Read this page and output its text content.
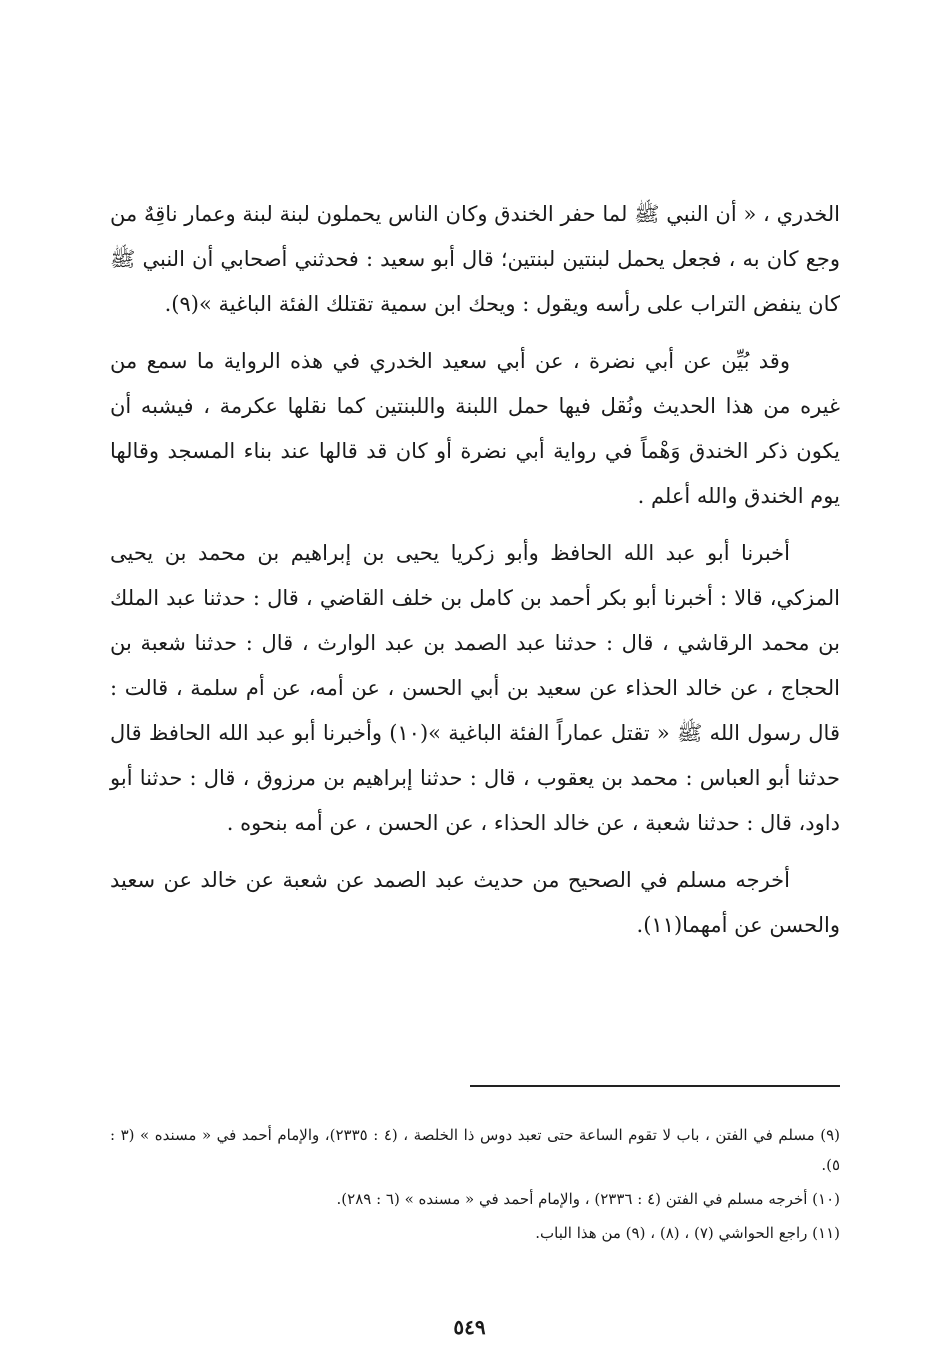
الخدري ، « أن النبي ﷺ لما حفر الخندق وكان الناس يحملون لبنة لبنة وعمار ناقِهٌ من وجع كان به ، فجعل يحمل لبنتين لبنتين؛ قال أبو سعيد : فحدثني أصحابي أن النبي ﷺ كان ينفض التراب على رأسه ويقول : ويحك ابن سمية تقتلك الفئة الباغية »(٩).

وقد بُيِّن عن أبي نضرة ، عن أبي سعيد الخدري في هذه الرواية ما سمع من غيره من هذا الحديث ونُقل فيها حمل اللبنة واللبنتين كما نقلها عكرمة ، فيشبه أن يكون ذكر الخندق وَهْماً في رواية أبي نضرة أو كان قد قالها عند بناء المسجد وقالها يوم الخندق والله أعلم .

أخبرنا أبو عبد الله الحافظ وأبو زكريا يحيى بن إبراهيم بن محمد بن يحيى المزكي، قالا : أخبرنا أبو بكر أحمد بن كامل بن خلف القاضي ، قال : حدثنا عبد الملك بن محمد الرقاشي ، قال : حدثنا عبد الصمد بن عبد الوارث ، قال : حدثنا شعبة بن الحجاج ، عن خالد الحذاء عن سعيد بن أبي الحسن ، عن أمه، عن أم سلمة ، قالت : قال رسول الله ﷺ « تقتل عماراً الفئة الباغية »(١٠) وأخبرنا أبو عبد الله الحافظ قال حدثنا أبو العباس : محمد بن يعقوب ، قال : حدثنا إبراهيم بن مرزوق ، قال : حدثنا أبو داود، قال : حدثنا شعبة ، عن خالد الحذاء ، عن الحسن ، عن أمه بنحوه .

أخرجه مسلم في الصحيح من حديث عبد الصمد عن شعبة عن خالد عن سعيد والحسن عن أمهما(١١).

(٩) مسلم في الفتن ، باب لا تقوم الساعة حتى تعبد دوس ذا الخلصة ، (٤ : ٢٣٣٥)، والإمام أحمد في « مسنده » (٣ : ٥).

(١٠) أخرجه مسلم في الفتن (٤ : ٢٣٣٦) ، والإمام أحمد في « مسنده » (٦ : ٢٨٩).

(١١) راجع الحواشي (٧) ، (٨) ، (٩) من هذا الباب.

٥٤٩
